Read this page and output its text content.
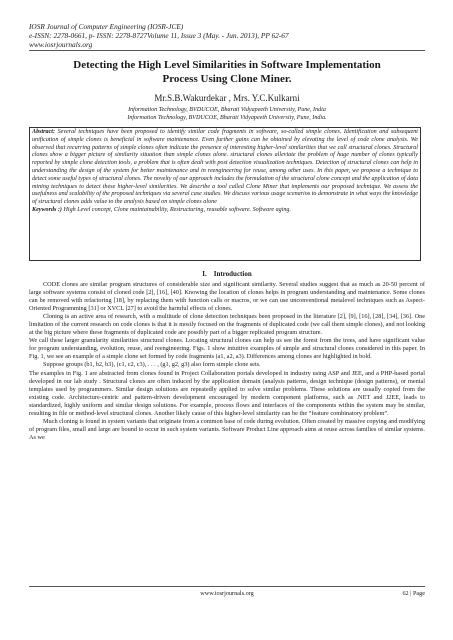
IOSR Journal of Computer Engineering (IOSR-JCE)
e-ISSN: 2278-0661, p- ISSN: 2278-8727Volume 11, Issue 3 (May. - Jun. 2013), PP 62-67
www.iosrjournals.org
Detecting the High Level Similarities in Software Implementation
Process Using Clone Miner.
Mr.S.B.Wakurdekar , Mrs. Y.C.Kulkarni
Information Technology, BVDUCOE, Bharati Vidyapeeth University, Pune, India
Information Technology, BVDUCOE, Bharati Vidyapeeth University, Pune, India.

Abstract: Several techniques have been proposed to identify similar code fragments in software, so-called simple clones. Identification and subsequent unification of simple clones is beneficial in software maintenance. Even further gains can be obtained by elevating the level of code clone analysis. We observed that recurring patterns of simple clones often indicate the presence of interesting higher-level similarities that we call structural clones. Structural clones show a bigger picture of similarity situation than simple clones alone. structural clones alleviate the problem of huge number of clones typically reported by simple clone detection tools, a problem that is often dealt with post detection visualization techniques. Detection of structural clones can help in understanding the design of the system for better maintenance and in reengineering for reuse, among other uses. In this paper, we propose a technique to detect some useful types of structural clones. The novelty of our approach includes the formulation of the structural clone concept and the application of data mining techniques to detect these higher-level similarities. We describe a tool called Clone Miner that implements our proposed technique. We assess the usefulness and scalability of the proposed techniques via several case studies. We discuss various usage scenarios to demonstrate in what ways the knowledge of structural clones adds value to the analysis based on simple clones alone

Keywords :) High Level concept, Clone maintainability, Restructuring, reusable software. Software aging.

I. Introduction

CODE clones are similar program structures of considerable size and significant similarity. Several studies suggest that as much as 20-50 percent of large software systems consist of cloned code [2], [16], [40]. Knowing the location of clones helps in program understanding and maintenance. Some clones can be removed with refactoring [18], by replacing them with function calls or macros, or we can use unconventional metalevel techniques such as Aspect-Oriented Programming [31] or XVCL [27] to avoid the harmful effects of clones.

Cloning is an active area of research, with a multitude of clone detection techniques been proposed in the literature [2], [9], [16], [28], [34], [36]. One limitation of the current research on code clones is that it is mostly focused on the fragments of duplicated code (we call them simple clones), and not looking at the big picture where these fragments of duplicated code are possibly part of a bigger replicated program structure.

We call these larger granularity similarities structural clones. Locating structural clones can help us see the forest from the trees, and have significant value for program understanding, evolution, reuse, and reengineering. Figs. 1 show intuitive examples of simple and structural clones considered in this paper. In Fig. 1, we see an example of a simple clone set formed by code fragments (a1, a2, a3). Differences among clones are highlighted in bold.

Suppose groups (b1, b2, b3), (c1, c2, c3), . . . , (g1, g2, g3) also form simple clone sets.

The examples in Fig. 1 are abstracted from clones found in Project Collaboration portals developed in industry using ASP and JEE, and a PHP-based portal developed in our lab study . Structural clones are often induced by the application domain (analysis patterns, design technique (design patterns), or mental templates used by programmers. Similar design solutions are repeatedly applied to solve similar problems. These solutions are usually copied from the existing code. Architecture-centric and pattern-driven development encouraged by modern component platforms, such as .NET and J2EE, leads to standardized, highly uniform and similar design solutions. For example, process flows and interfaces of the components within the system may be similar, resulting in file or method-level structural clones. Another likely cause of this higher-level similarity can be the “feature combinatory problem”.

Much cloning is found in system variants that originate from a common base of code during evolution. Often created by massive copying and modifying of program files, small and large are bound to occur in such system variants. Software Product Line approach aims at reuse across families of similar systems. As we

www.iosrjournals.org	62 | Page
